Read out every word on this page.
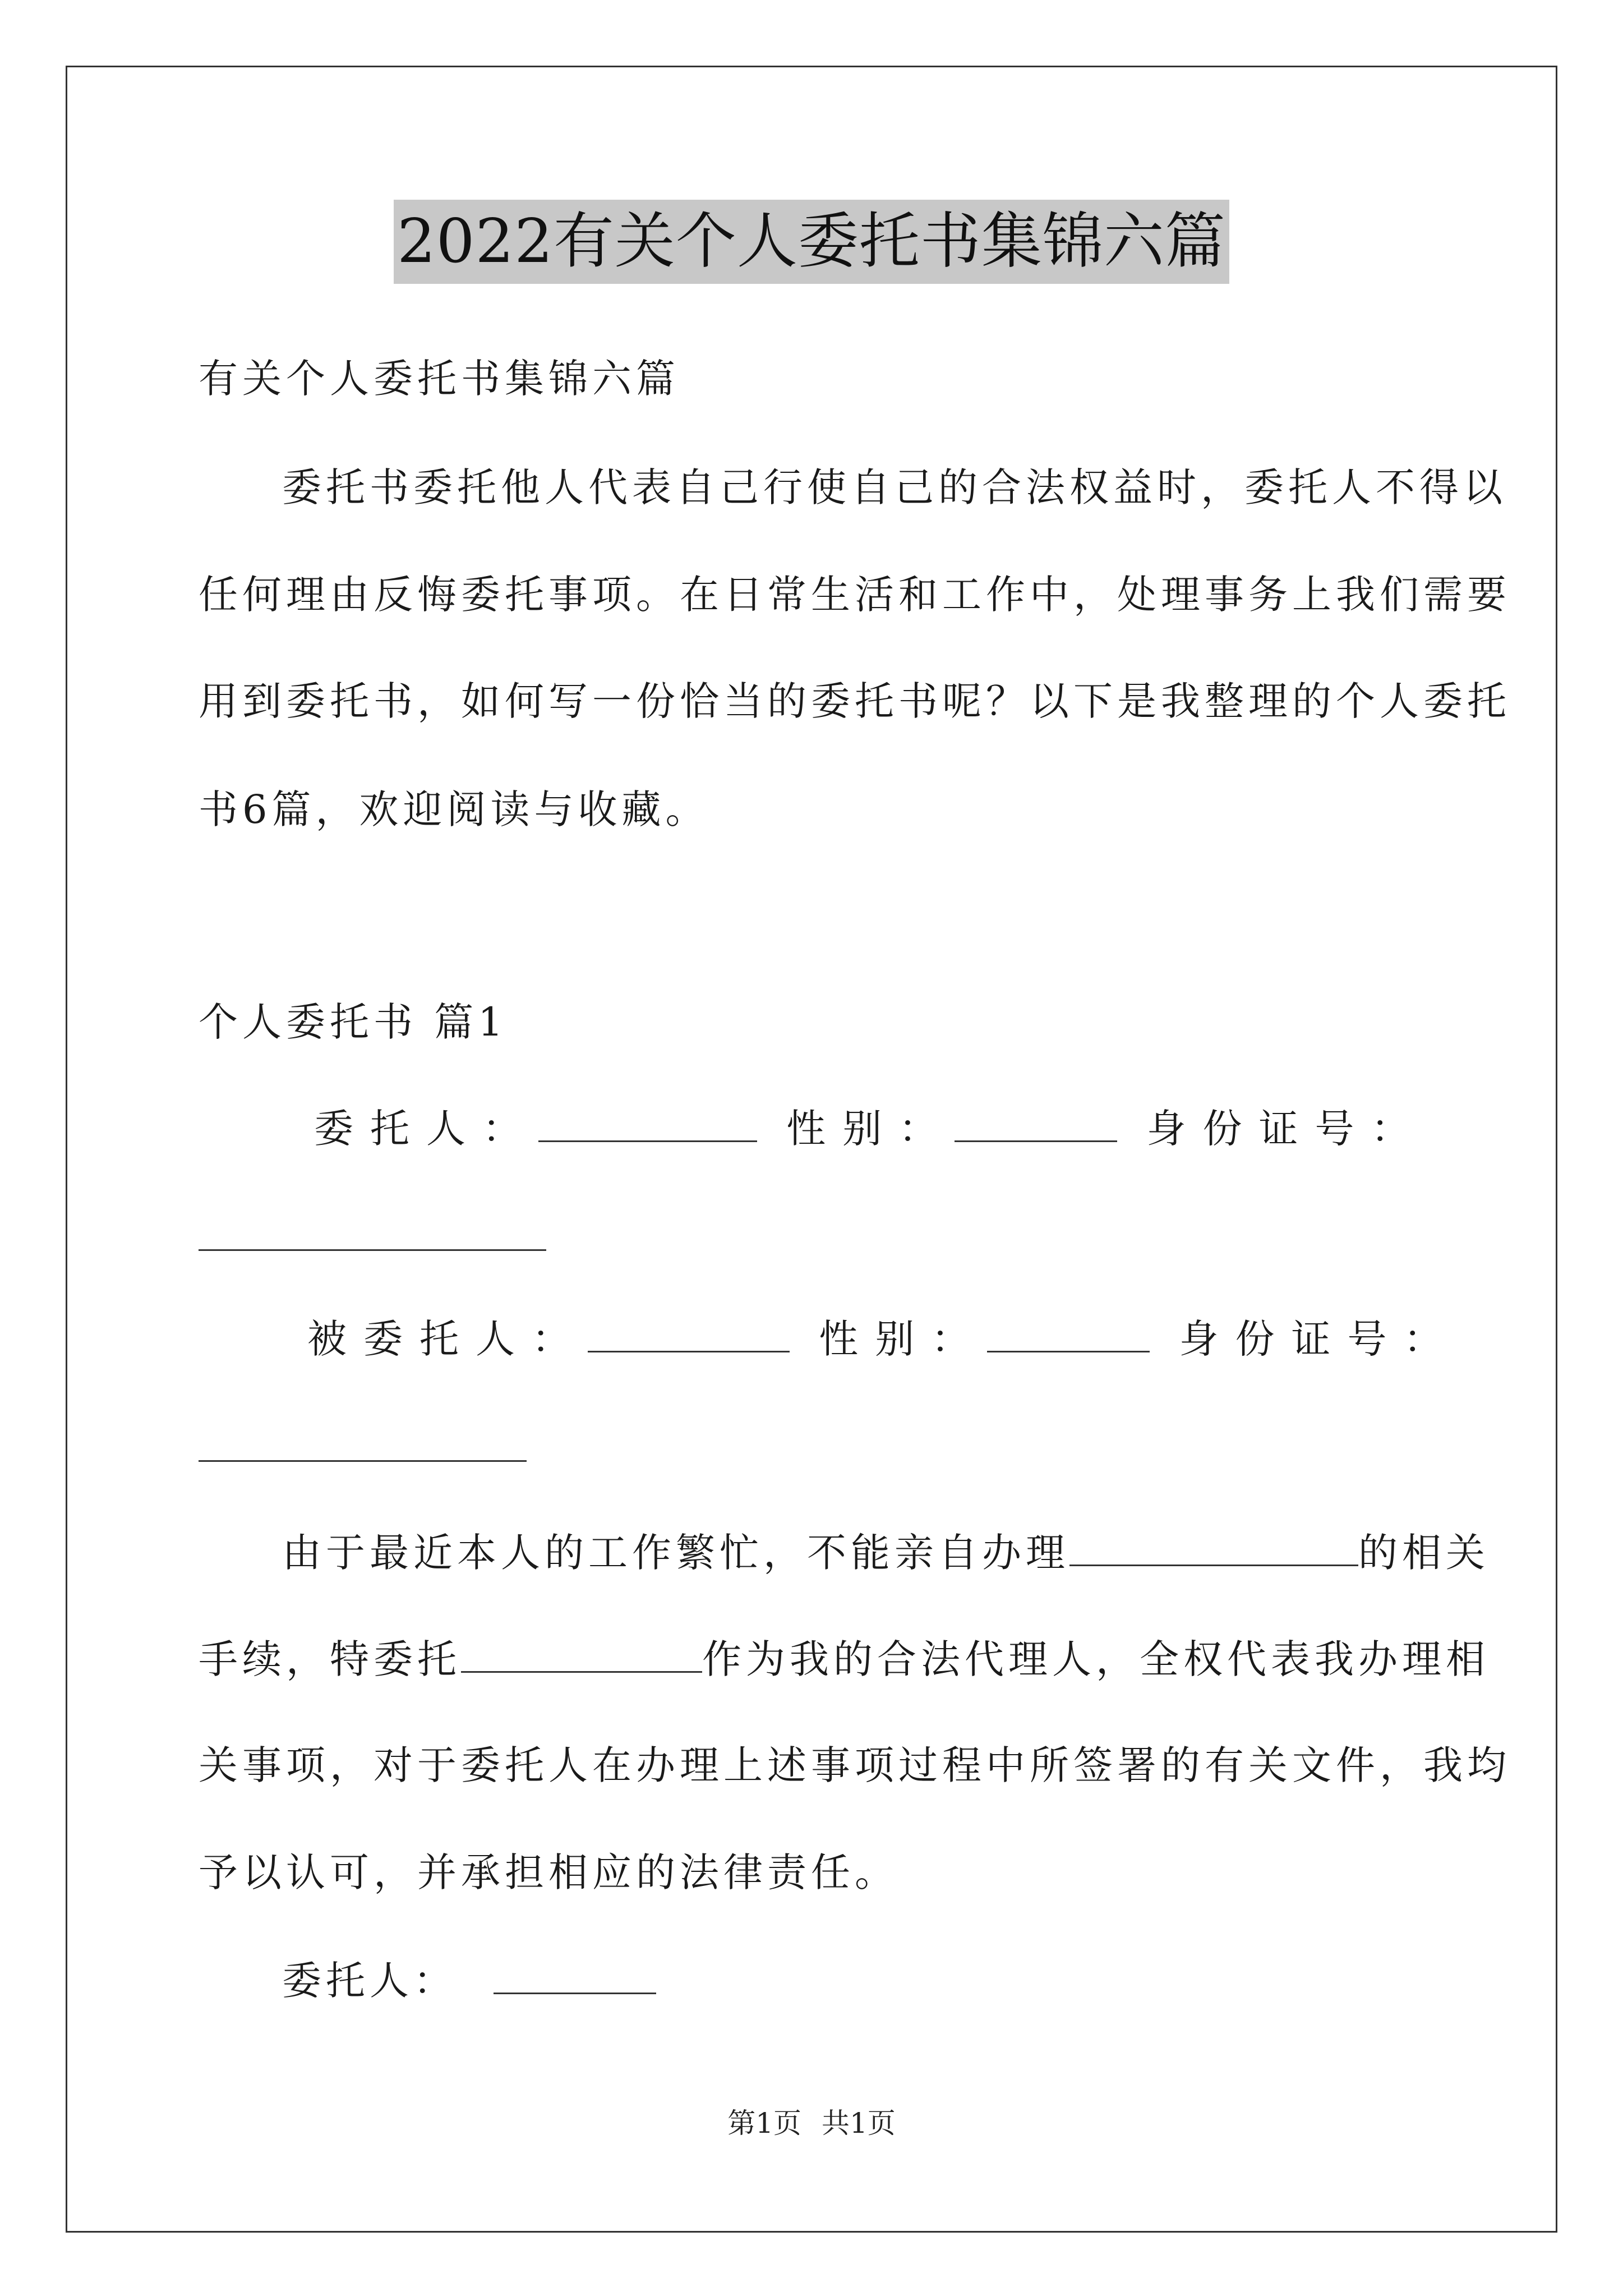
2022有关个人委托书集锦六篇
有关个人委托书集锦六篇
委托书委托他人代表自己行使自己的合法权益时，委托人不得以
任何理由反悔委托事项。在日常生活和工作中，处理事务上我们需要
用到委托书，如何写一份恰当的委托书呢？以下是我整理的个人委托
书6篇，欢迎阅读与收藏。
个人委托书 篇1
委托人：	性别：	身份证号：
被委托人：	性别：	身份证号：
由于最近本人的工作繁忙，不能亲自办理	的相关
手续，特委托	作为我的合法代理人，全权代表我办理相
关事项，对于委托人在办理上述事项过程中所签署的有关文件，我均
予以认可，并承担相应的法律责任。
委托人：
第1页 共1页
